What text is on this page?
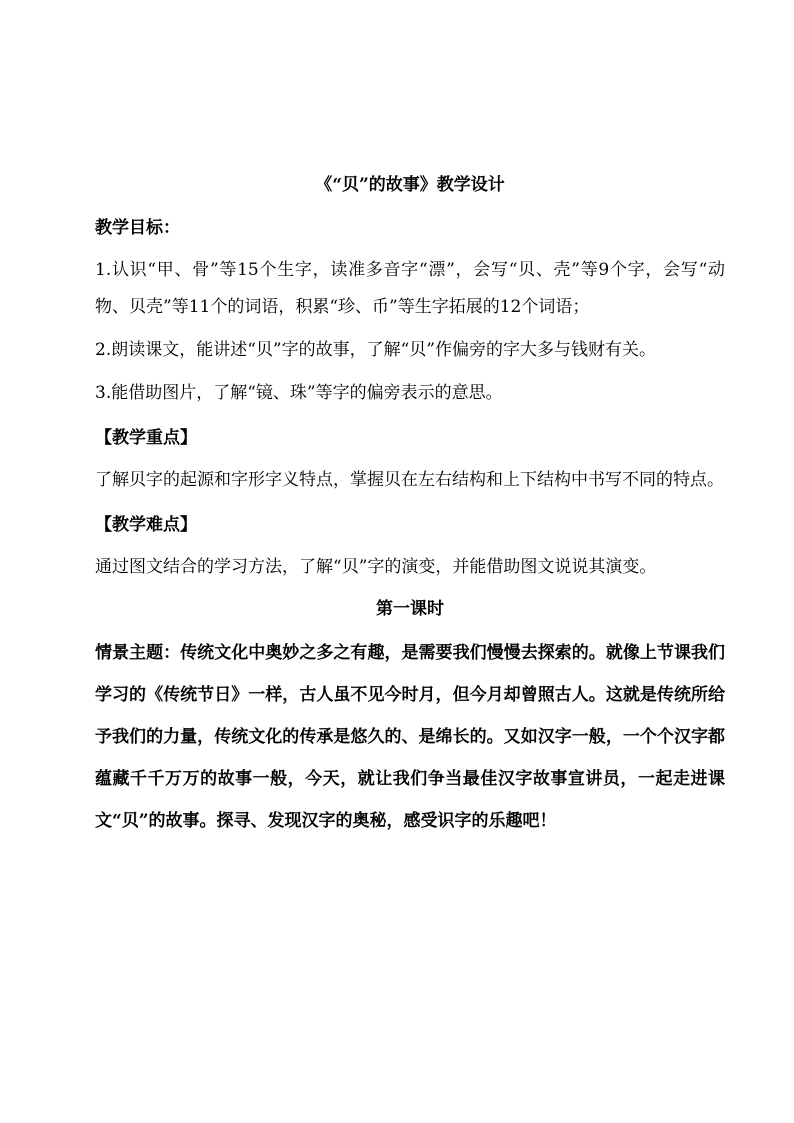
《“贝”的故事》教学设计
教学目标：

1.认识“甲、骨”等15个生字，读准多音字“漂”，会写“贝、壳”等9个字，会写“动物、贝壳”等11个的词语，积累“珍、币”等生字拓展的12个词语；

2.朗读课文，能讲述“贝”字的故事，了解“贝”作偏旁的字大多与钱财有关。

3.能借助图片，了解“镜、珠”等字的偏旁表示的意思。

【教学重点】

了解贝字的起源和字形字义特点，掌握贝在左右结构和上下结构中书写不同的特点。

【教学难点】

通过图文结合的学习方法，了解“贝”字的演变，并能借助图文说说其演变。

第一课时

情景主题：传统文化中奥妙之多之有趣，是需要我们慢慢去探索的。就像上节课我们学习的《传统节日》一样，古人虽不见今时月，但今月却曾照古人。这就是传统所给予我们的力量，传统文化的传承是悠久的、是绵长的。又如汉字一般，一个个汉字都蕴藏千千万万的故事一般，今天，就让我们争当最佳汉字故事宣讲员，一起走进课文“贝”的故事。探寻、发现汉字的奥秘，感受识字的乐趣吧！
